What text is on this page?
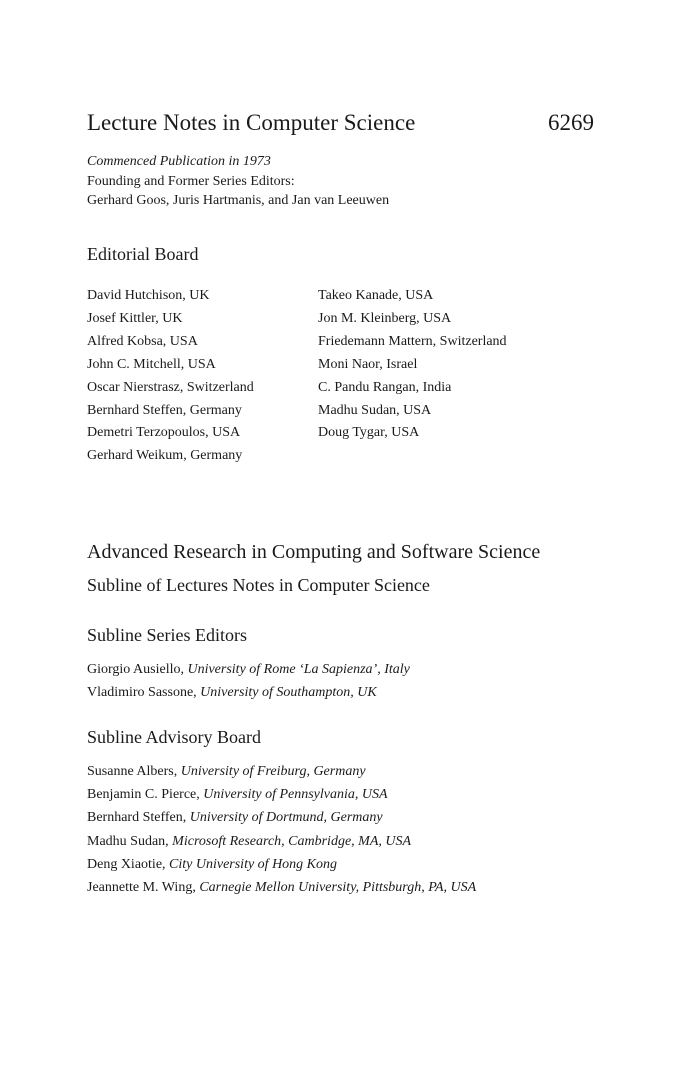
Lecture Notes in Computer Science	6269
Commenced Publication in 1973
Founding and Former Series Editors:
Gerhard Goos, Juris Hartmanis, and Jan van Leeuwen
Editorial Board
David Hutchison, UK
Josef Kittler, UK
Alfred Kobsa, USA
John C. Mitchell, USA
Oscar Nierstrasz, Switzerland
Bernhard Steffen, Germany
Demetri Terzopoulos, USA
Gerhard Weikum, Germany
Takeo Kanade, USA
Jon M. Kleinberg, USA
Friedemann Mattern, Switzerland
Moni Naor, Israel
C. Pandu Rangan, India
Madhu Sudan, USA
Doug Tygar, USA
Advanced Research in Computing and Software Science
Subline of Lectures Notes in Computer Science
Subline Series Editors
Giorgio Ausiello, University of Rome ‘La Sapienza’, Italy
Vladimiro Sassone, University of Southampton, UK
Subline Advisory Board
Susanne Albers, University of Freiburg, Germany
Benjamin C. Pierce, University of Pennsylvania, USA
Bernhard Steffen, University of Dortmund, Germany
Madhu Sudan, Microsoft Research, Cambridge, MA, USA
Deng Xiaotie, City University of Hong Kong
Jeannette M. Wing, Carnegie Mellon University, Pittsburgh, PA, USA
